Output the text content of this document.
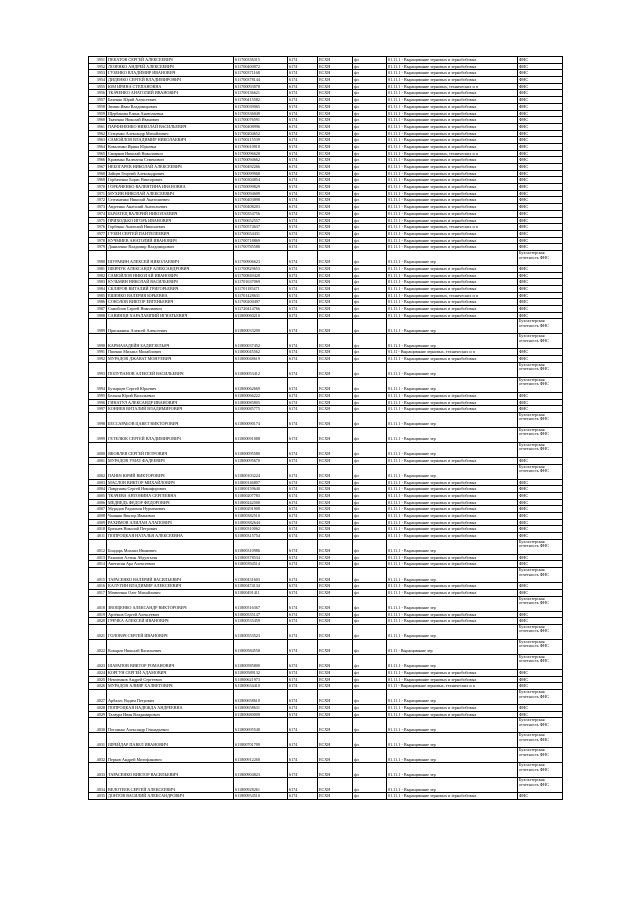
3951	ПЕКАТОВ СЕРГЕЙ АЛЕКСЕЕВИЧ	611700336315	6174	ЕСХН	фл	01.11.1 - Выращивание зерновых и зернобобовых	ФНС
3952	ЛОЗЕНКО АНДРЕЙ АЛЕКСЕЕВИЧ	611700400872	6174	ЕСХН	фл	01.11.1 - Выращивание зерновых и зернобобовых	ФНС
3953	ГУЗЕНКО ВЛАДИМИР ИВАНОВИЧ	611700371168	6174	ЕСХН	фл	01.11.1 - Выращивание зерновых и зернобобовых	ФНС
3954	ДИДЕНКО СЕРГЕЙ ВЛАДИМИРОВИЧ	611700378144	6174	ЕСХН	фл	01.11.1 - Выращивание зерновых и зернобобовых	ФНС
3955	ЮМ ИРИНА СТЕПАНОВНА	611700093078	6174	ЕСХН	фл	01.11.1 - Выращивание зерновых, технических и п	ФНС
3956	ТКАЧЕНКО АНАТОЛИЙ ИВАНОВИЧ	611700136621	6174	ЕСХН	фл	01.11.1 - Выращивание зерновых и зернобобовых	ФНС
3957	Бахенко Юрий Алексеевич	611700415582	6174	ЕСХН	фл	01.11.1 - Выращивание зерновых и зернобобовых	ФНС
3958	Зимин Иван Владимирович	611700039065	6174	ЕСХН	фл	01.11.1 - Выращивание зерновых и зернобобовых	ФНС
3959	Щербакова Елена Анатольевна	611700336049	6174	ЕСХН	фл	01.11.1 - Выращивание зерновых и зернобобовых	ФНС
3960	Ткаченко Николай Иванович	611700076591	6174	ЕСХН	фл	01.11.1 - Выращивание зерновых и зернобобовых	ФНС
3961	ПАРФЕНЕНКО НИКОЛАЙ ВАСИЛЬЕВИЧ	611700408996	6174	ЕСХН	фл	01.11.1 - Выращивание зерновых и зернобобовых	ФНС
3962	Стеценко Александр Михайлович	611700204652	6174	ЕСХН	фл	01.11.1 - Выращивание зерновых и зернобобовых	ФНС
3963	САМОЙЛОВ ВЛАДИМИР НИКОЛАЕВИЧ	611700215539	6174	ЕСХН	фл	01.11.1 - Выращивание зерновых и зернобобовых	ФНС
3964	Коваленко Ирина Юрьевна	611700610910	6174	ЕСХН	фл	01.11.1 - Выращивание зерновых и зернобобовых	ФНС
3965	Смирнов Николай Николаевич	611700096620	6174	ЕСХН	фл	01.11.1 - Выращивание зерновых, технических и п	ФНС
3966	Кравенко Валентин Семенович	611700094662	6174	ЕСХН	фл	01.11.1 - Выращивание зерновых и зернобобовых	ФНС
3967	НЕБОГАРЕВ НИКОЛАЙ АЛЕКСЕЕВИЧ	611700492266	6174	ЕСХН	фл	01.11.1 - Выращивание зерновых и зернобобовых	ФНС
3968	Зайцев Георгий Александрович	611700099968	6174	ЕСХН	фл	01.11.1 - Выращивание зерновых и зернобобовых	ФНС
3969	Горбаченко Борис Викторович	611700304854	6174	ЕСХН	фл	01.11.1 - Выращивание зерновых и зернобобовых	ФНС
3970	ГОРБАЧЕНКО ВАЛЕНТИНА ИВАНОВНА	611700099829	6174	ЕСХН	фл	01.11.1 - Выращивание зерновых и зернобобовых	ФНС
3971	МУХИН НИКОЛАЙ АЛЕКСЕЕВИЧ	611700094609	6174	ЕСХН	фл	01.11.1 - Выращивание зерновых и зернобобовых	ФНС
3972	Степаненко Николай Анатолиевич	611700403898	6174	ЕСХН	фл	01.11.1 - Выращивание зерновых и зернобобовых	ФНС
3973	Авдеенко Анатолий Анатольевич	611700408203	6174	ЕСХН	фл	01.11.1 - Выращивание зерновых и зернобобовых	ФНС
3974	БЫЧАТЕЦ ВАЛЕРИЙ НИКОЛАЕВИЧ	611700354756	6174	ЕСХН	фл	01.11.1 - Выращивание зерновых и зернобобовых	ФНС
3975	ПРИХОДЬКО ИГОРЬ ИВАНОВИЧ	611700652557	6174	ЕСХН	фл	01.11.1 - Выращивание зерновых и зернобобовых	ФНС
3976	Горбенко Анатолий Николаевич	611700574637	6174	ЕСХН	фл	01.11.1 - Выращивание зерновых, технических и п	ФНС
3977	ГУЗЕН СЕРГЕЙ ПАНТЕЛЕЕВИЧ	611700654431	6174	ЕСХН	фл	01.11.1 - Выращивание зерновых и зернобобовых	ФНС
3978	КУЧМИЕВ АНАТОЛИЙ ИВАНОВИЧ	611700718869	6174	ЕСХН	фл	01.11.1 - Выращивание зерновых и зернобобовых	ФНС
3979	Даниленко Владимир Владимирович	611700785588	6174	ЕСХН	фл	01.11.1 - Выращивание зерновых и зернобобовых	ФНС
3980	ШУРАВИН АЛЕКСЕЙ НИКОЛАЕВИЧ	611700906623	6174	ЕСХН	фл	01.11.1 - Выращивание зер	Бухгалтерская отчетность ФНС
3981	ШЕВЧУК АЛЕКСАНДР АЛЕКСАНДРОВИЧ	611700829653	6174	ЕСХН	фл	01.11.1 - Выращивание зерновых и зернобобовых	ФНС
3982	САМОЙЛОВ НИКОЛАЙ ИВАНОВИЧ	611700849428	6174	ЕСХН	фл	01.11.1 - Выращивание зерновых и зернобобовых	ФНС
3983	КУЗЬМИН НИКОЛАЙ ВАСИЛЬЕВИЧ	611701637069	6174	ЕСХН	фл	01.11.1 - Выращивание зерновых и зернобобовых	ФНС
3984	СКЛЯРОВ ВИТАЛИЙ ГРИГОРЬЕВИЧ	611701185471	6174	ЕСХН	фл	01.11.1 - Выращивание зерновых и зернобобовых	ФНС
3985	ЕШЕНКО ВАЛЕРИЯ ЮРЬЕВНА	611701428631	6174	ЕСХН	фл	01.11.1 - Выращивание зерновых, технических и п	ФНС
3986	СОКОЛОВ ВИКТОР ЕВГЕНЬЕВИЧ	611700200497	6174	ЕСХН	фл	01.11.1 - Выращивание зерновых и зернобобовых	ФНС
3987	Самойлов Сергей Николаевич	611720414766	6174	ЕСХН	фл	01.11.1 - Выращивание зерновых и зернобобовых	ФНС
3988	САВИНЦИ ХАРАЛАМПИЙ ИГНАТЬЕВИЧ	611800060210	6174	ЕСХН	фл	01.11.1 - Выращивание зерновых и зернобобовых	ФНС
3989	Присяжнюк Алексей Алексеевич	611800033290	6174	ЕСХН	фл	01.11.1 - Выращивание зер	Бухгалтерская отчетность ФНС
3990	КАРМАЗАДЕЙН БАДИГЗЕЛЬЯЧ	611800037452	6174	ЕСХН	фл	01.11.1 - Выращивание зер	Бухгалтерская отчетность ФНС
3991	Пшенко Михаил Михайлович	611800045562	6174	ЕСХН	фл	01.11 - Выращивание зерновых, технических и п	ФНС
3992	МУРАДОВ ДЖАВАТ МОНУЕВИЧ	611800048619	6174	ЕСХН	фл	01.11.1 - Выращивание зерновых и зернобобовых	ФНС
3993	ПОЛУПАНОВ АЛЕКСЕЙ ВАСИЛЬЕВИЧ	611800053412	6174	ЕСХН	фл	01.11.1 - Выращивание зер	Бухгалтерская отчетность ФНС
3994	Бутырцев Сергей Юрьевич	611800062669	6174	ЕСХН	фл	01.11.1 - Выращивание зер	Бухгалтерская отчетность ФНС
3995	Белкин Юрий Васильевич	611800066222	6174	ЕСХН	фл	01.11.1 - Выращивание зерновых и зернобобовых	ФНС
3996	ГИНАТУЛ АЛЕКСАНДР ИВАНОВИЧ	611800085805	6174	ЕСХН	фл	01.11.1 - Выращивание зерновых и зернобобовых	ФНС
3997	КОНИЕВ ВИТАЛИЙ ВЛАДИМИРОВИЧ	611800085775	6174	ЕСХН	фл	01.11.1 - Выращивание зерновых и зернобобовых	ФНС
3998	БЕССАРАБОВ ЦАВЕТ ВИКТОРОВИЧ	611800090174	6174	ЕСХН	фл	01.11.1 - Выращивание зер	Бухгалтерская отчетность ФНС
3999	ГЕТЕЛЮК СЕРГЕЙ ВЛАДИМИРОВИЧ	611800091088	6174	ЕСХН	фл	01.11.1 - Выращивание зер	Бухгалтерская отчетность ФНС
4000	ЯКОВЛЕВ СЕРГЕЙ ПЕТРОВИЧ	611800095580	6174	ЕСХН	фл	01.11.1 - Выращивание зер	Бухгалтерская отчетность ФНС
4001	МУРАДОВ УМАТ ФАДЕЕВИЧ	611800095670	6174	ЕСХН	фл	01.11.1 - Выращивание зерновых и зернобобовых	ФНС
4002	ПАНЬЧ ЮРИЙ ВИКТОРОВИЧ	611800103224	6174	ЕСХН	фл	01.11.1 - Выращивание зер	Бухгалтерская отчетность ФНС
4003	МАСЛОВ ВИКТОР МИХАЙЛОВИЧ	611800146807	6174	ЕСХН	фл	01.11.1 - Выращивание зерновых и зернобобовых	ФНС
4004	Лаврушин Сергей Никифорович	611800159640	6174	ЕСХН	фл	01.11.1 - Выращивание зерновых и зернобобовых	ФНС
4005	ТКАЧЕВА АНТОНИНА СЕРГЕЕВНА	611800207783	6174	ЕСХН	фл	01.11.1 - Выращивание зерновых и зернобобовых	ФНС
4006	МЕДВЕДЬ ФЕДОР ФЕДОРОВИЧ	611800242500	6174	ЕСХН	фл	01.11.1 - Выращивание зерновых и зернобобовых	ФНС
4007	Мурадов Радмахон Нурменович	611800291908	6174	ЕСХН	фл	01.11.1 - Выращивание зерновых и зернобобовых	ФНС
4008	Чашник Виктор Иванович	611800382510	6174	ЕСХН	фл	01.11.1 - Выращивание зерновых и зернобобовых	ФНС
4009	РАХИМОВ АЛИЛАН АЛАПОВИЧ	611800382644	6174	ЕСХН	фл	01.11.1 - Выращивание зерновых и зернобобовых	ФНС
4010	Брехнев Николай Петрович	611800310062	6174	ЕСХН	фл	01.11.1 - Выращивание зерновых и зернобобовых	ФНС
4011	ПОПРОЦКАЯ НАТАЛЬЯ АЛЕКСЕЕВНА	611800315754	6174	ЕСХН	фл	01.11.1 - Выращивание зерновых и зернобобовых	ФНС
4012	Бондарь Михаил Иванович	611800310986	6174	ЕСХН	фл	01.11.1 - Выращивание зер	Бухгалтерская отчетность ФНС
4013	Рахимов Алтын Абдулгызы	611800378534	6174	ЕСХН	фл	01.11.1 - Выращивание зерновых и зернобобовых	ФНС
4014	Аветисян Ара Алексеевич	611800394514	6174	ЕСХН	фл	01.11.1 - Выращивание зерновых и зернобобовых	ФНС
4015	ТАРАСЕНКО ВАЛЕРИЙ ВАСИЛЬЕВИЧ	611800431603	6174	ЕСХН	фл	01.11.1 - Выращивание зер	Бухгалтерская отчетность ФНС
4016	КАЛУГИН ВЛАДИМИР АЛЕКСЕЕВИЧ	611800474134	6174	ЕСХН	фл	01.11.1 - Выращивание зерновых и зернобобовых	ФНС
4017	Матвеенко Олег Михайлович	611800491411	6174	ЕСХН	фл	01.11.1 - Выращивание зерновых и зернобобовых	ФНС
4018	ЗВОЩЕНКО АЛЕКСАНДР ВИКТОРОВИЧ	611800516367	6174	ЕСХН	фл	01.11.1 - Выращивание зер	Бухгалтерская отчетность ФНС
4019	Артёмов Сергей Алексеевич	611800535147	6174	ЕСХН	фл	01.11.1 - Выращивание зерновых и зернобобовых	ФНС
4020	ГРЕЧКА АЛЕКСЕЙ ИВАНОВИЧ	611800535459	6174	ЕСХН	фл	01.11.1 - Выращивание зерновых и зернобобовых	ФНС
4021	ГОЛОВАЧ СЕРГЕЙ ИВАНОВИЧ	611800553523	6174	ЕСХН	фл	01.11.1 - Выращивание зер	Бухгалтерская отчетность ФНС
4022	Козырев Николай Васильевич	611800584550	6174	ЕСХН	фл	01.11 - Выращивание зер	Бухгалтерская отчетность ФНС
4023	ШАРАПОВ ВИКТОР РОМАНОВИЧ	611800585800	6174	ЕСХН	фл	01.11.1 - Выращивание зер	Бухгалтерская отчетность ФНС
4024	КОРГУН СЕРГЕЙ АДАМОВИЧ	611800589132	6174	ЕСХН	фл	01.11.1 - Выращивание зерновых и зернобобовых	ФНС
4025	Немченков Андрей Сергеевич	611800621973	6174	ЕСХН	фл	01.11.1 - Выращивание зерновых и зернобобовых	ФНС
4026	МУРАДОВ АЛИЯР ХАЛВЕТОВИЧ	611800634410	6174	ЕСХН	фл	01.11 - Выращивание зерновых, технических и п	ФНС
4027	Арбалес Вадим Петрович	611800658610	6174	ЕСХН	фл	01.11.1 - Выращивание зер	Бухгалтерская отчетность ФНС
4028	ПОПРОЦКАЯ НАДЕЖДА АНДРЕЕВНА	611800658631	6174	ЕСХН	фл	01.11.1 - Выращивание зерновых и зернобобовых	ФНС
4029	Талаура Иван Владимирович	611800680009	6174	ЕСХН	фл	01.11.1 - Выращивание зерновых и зернобобовых	ФНС
4030	Погонько Александр Геннадьевич	611800695540	6174	ЕСХН	фл	01.11.1 - Выращивание зер	Бухгалтерская отчетность ФНС
4031	ШРЕЙДАР ПАВЕЛ ИВАНОВИЧ	611800701709	6174	ЕСХН	фл	01.11.1 - Выращивание зер	Бухгалтерская отчетность ФНС
4032	Перков Андрей Митофанович	611800912260	6174	ЕСХН	фл	01.11.1 - Выращивание зер	Бухгалтерская отчетность ФНС
4033	ТАРАСЕНКО ВИКТОР ВАСИЛЬЕВИЧ	611800904823	6174	ЕСХН	фл	01.11.1 - Выращивание зер	Бухгалтерская отчетность ФНС
4034	ВЕЛОТЕЕВ СЕРГЕЙ АЛЕКСЕЕВИЧ	611800928261	6174	ЕСХН	фл	01.11.1 - Выращивание зер	Бухгалтерская отчетность ФНС
4035	ДОНТОВ ВАСИЛИЙ АЛЕКСАНДРОВИЧ	611800934510	6174	ЕСХН	фл	01.11.1 - Выращивание зерновых и зернобобовых	ФНС
